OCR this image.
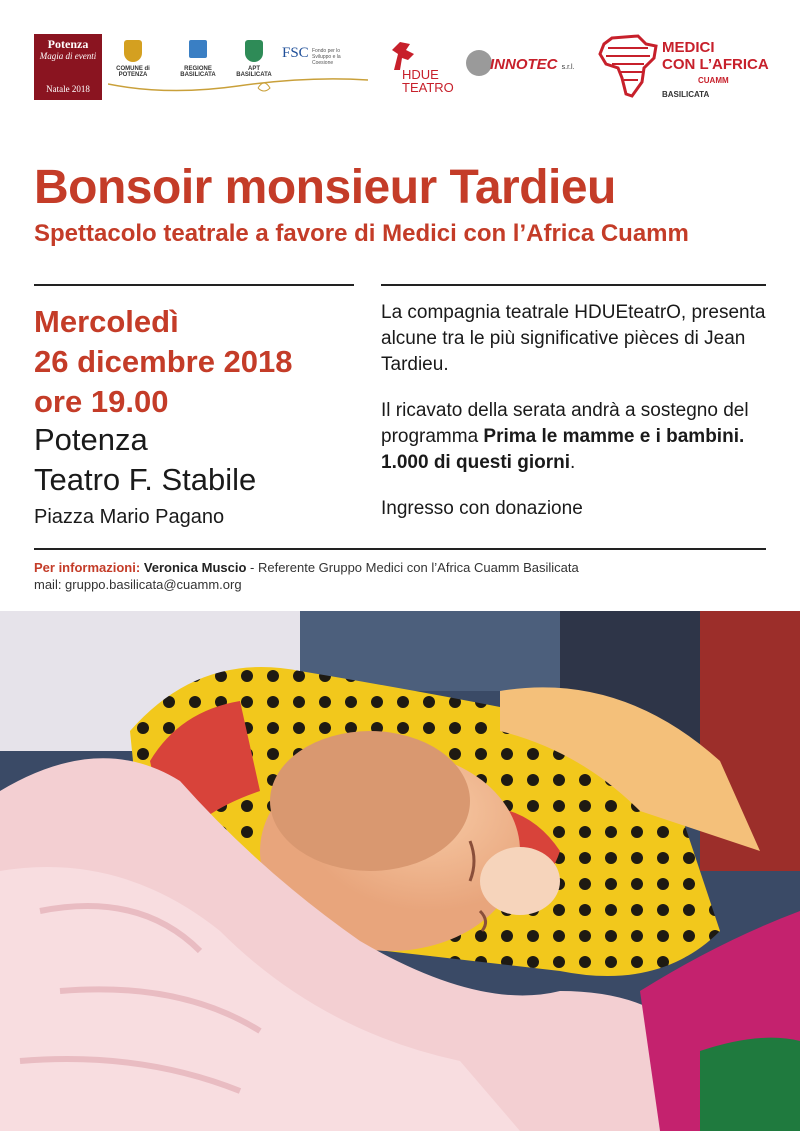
Potenza
Magia di eventi
Natale 2018
COMUNE di POTENZA
REGIONE BASILICATA
APT BASILICATA
FSC Fondo per lo Sviluppo e la Coesione
HDUE
TEATRO
INNOTEC s.r.l.
MEDICI
CON L’AFRICA
CUAMM
BASILICATA
Bonsoir monsieur Tardieu
Spettacolo teatrale a favore di Medici con l’Africa Cuamm
Mercoledì
26 dicembre 2018
ore 19.00
Potenza
Teatro F. Stabile
Piazza Mario Pagano

La compagnia teatrale HDUEteatrO, presenta alcune tra le più significative pièces di Jean Tardieu.

Il ricavato della serata andrà a sostegno del programma Prima le mamme e i bambini. 1.000 di questi giorni.

Ingresso con donazione

Per informazioni: Veronica Muscio - Referente Gruppo Medici con l’Africa Cuamm Basilicata
mail: gruppo.basilicata@cuamm.org
